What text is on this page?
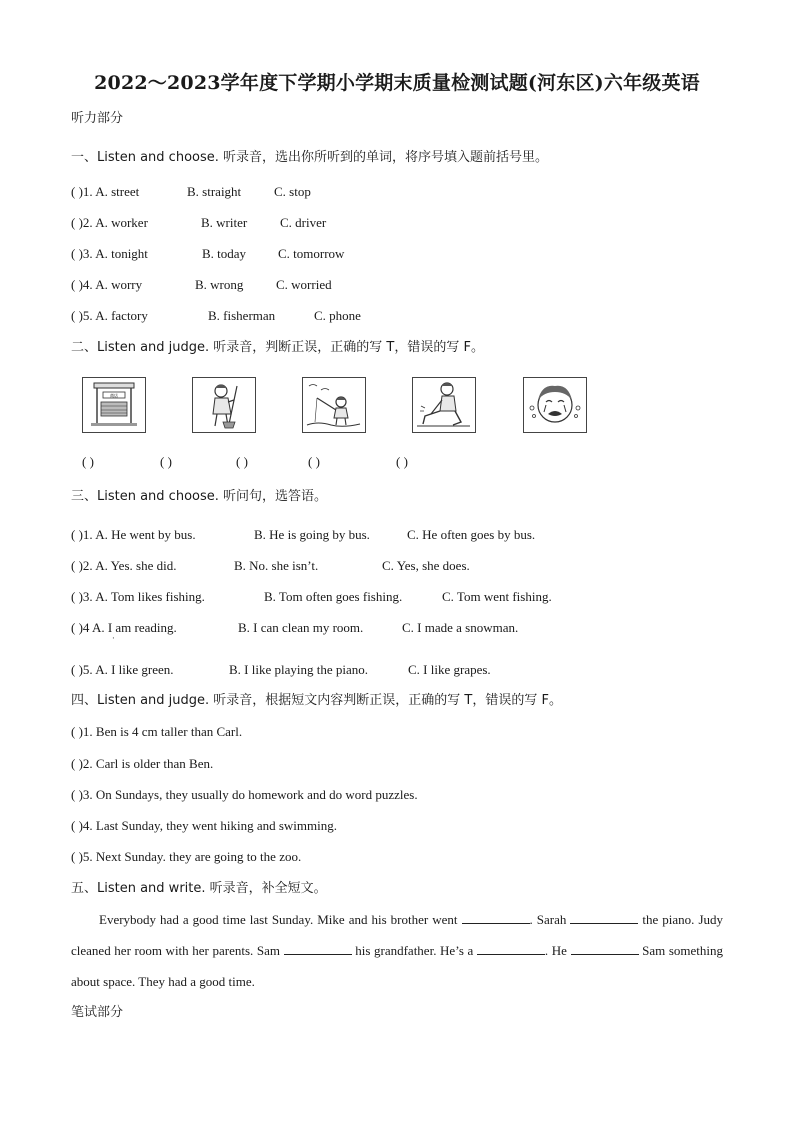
2022～2023学年度下学期小学期末质量检测试题(河东区)六年级英语
听力部分
一、Listen and choose. 听录音，选出你所听到的单词，将序号填入题前括号里。
( )1. A. street	B. straight	C. stop
( )2. A. worker	B. writer	C. driver
( )3. A. tonight	B. today C. tomorrow
( )4. A. worry	B. wrong	C. worried
( )5. A. factory	B. fisherman	C. phone
二、Listen and judge. 听录音，判断正误，正确的写 T，错误的写 F。
商店
( )	( )	( )	( )	( )
三、Listen and choose. 听问句，选答语。
( )1. A. He went by bus.	B. He is going by bus.	C. He often goes by bus.
( )2. A. Yes. she did.	B. No. she isn’t.	C. Yes, she does.
( )3. A. Tom likes fishing.	B. Tom often goes fishing.	C. Tom went fishing.
( )4 A. I am reading.	B. I can clean my room.	C. I made a snowman.
·
( )5. A. I like green.	B. I like playing the piano.	C. I like grapes.
四、Listen and judge. 听录音，根据短文内容判断正误，正确的写 T，错误的写 F。
( )1. Ben is 4 cm taller than Carl.
( )2. Carl is older than Ben.
( )3. On Sundays, they usually do homework and do word puzzles.
( )4. Last Sunday, they went hiking and swimming.
( )5. Next Sunday. they are going to the zoo.
五、Listen and write. 听录音，补全短文。
Everybody had a good time last Sunday. Mike and his brother went	. Sarah	the piano. Judy cleaned her room with her parents. Sam	his grandfather. He’s a	. He	Sam something about space. They had a good time.
笔试部分
